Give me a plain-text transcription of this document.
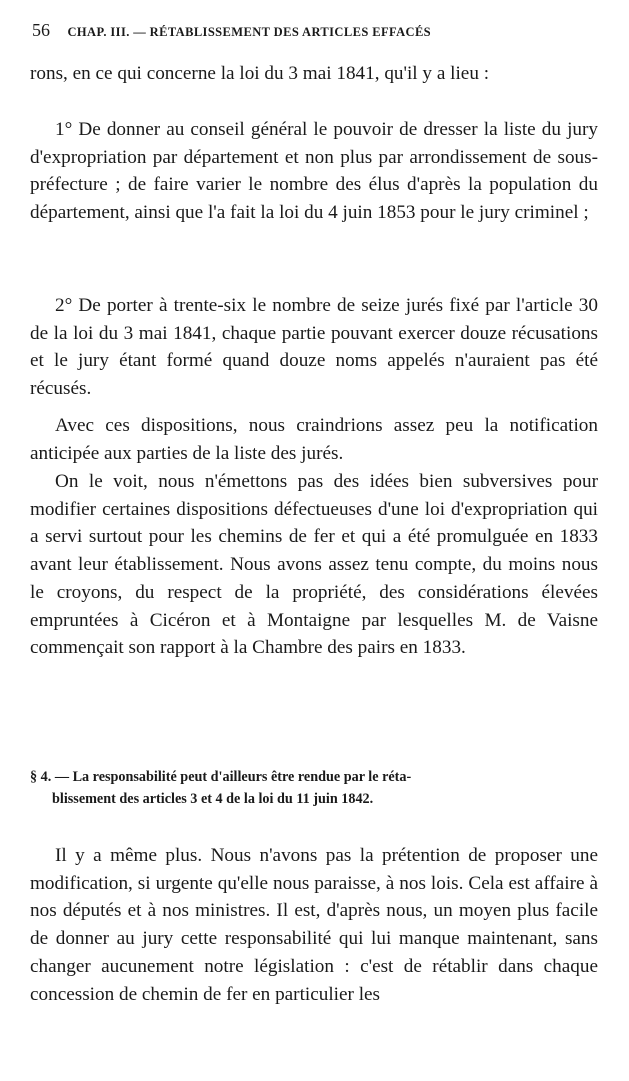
56 CHAP. III. — RÉTABLISSEMENT DES ARTICLES EFFACÉS

rons, en ce qui concerne la loi du 3 mai 1841, qu'il y a lieu :

1° De donner au conseil général le pouvoir de dresser la liste du jury d'expropriation par département et non plus par arrondissement de sous-préfecture ; de faire varier le nombre des élus d'après la population du département, ainsi que l'a fait la loi du 4 juin 1853 pour le jury criminel ;

2° De porter à trente-six le nombre de seize jurés fixé par l'article 30 de la loi du 3 mai 1841, chaque partie pouvant exercer douze récusations et le jury étant formé quand douze noms appelés n'auraient pas été récusés.

Avec ces dispositions, nous craindrions assez peu la notification anticipée aux parties de la liste des jurés.

On le voit, nous n'émettons pas des idées bien subversives pour modifier certaines dispositions défectueuses d'une loi d'expropriation qui a servi surtout pour les chemins de fer et qui a été promulguée en 1833 avant leur établissement. Nous avons assez tenu compte, du moins nous le croyons, du respect de la propriété, des considérations élevées empruntées à Cicéron et à Montaigne par lesquelles M. de Vaisne commençait son rapport à la Chambre des pairs en 1833.

§ 4. — La responsabilité peut d'ailleurs être rendue par le réta-
blissement des articles 3 et 4 de la loi du 11 juin 1842.

Il y a même plus. Nous n'avons pas la prétention de proposer une modification, si urgente qu'elle nous paraisse, à nos lois. Cela est affaire à nos députés et à nos ministres. Il est, d'après nous, un moyen plus facile de donner au jury cette responsabilité qui lui manque maintenant, sans changer aucunement notre législation : c'est de rétablir dans chaque concession de chemin de fer en particulier les
